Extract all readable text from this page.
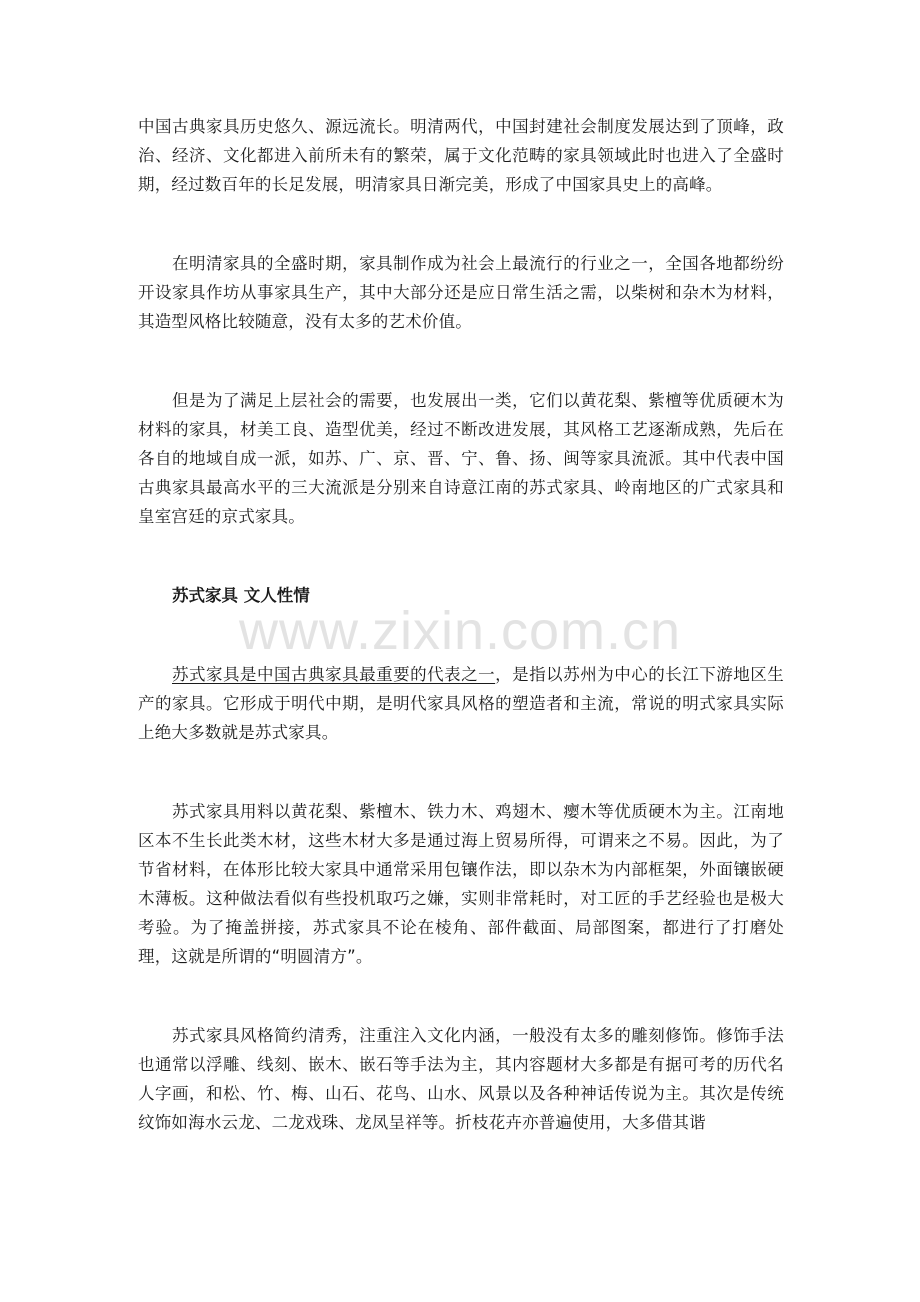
www.zixin.com.cn

中国古典家具历史悠久、源远流长。明清两代，中国封建社会制度发展达到了顶峰，政治、经济、文化都进入前所未有的繁荣，属于文化范畴的家具领域此时也进入了全盛时期，经过数百年的长足发展，明清家具日渐完美，形成了中国家具史上的高峰。

在明清家具的全盛时期，家具制作成为社会上最流行的行业之一，全国各地都纷纷开设家具作坊从事家具生产，其中大部分还是应日常生活之需，以柴树和杂木为材料，其造型风格比较随意，没有太多的艺术价值。

但是为了满足上层社会的需要，也发展出一类，它们以黄花梨、紫檀等优质硬木为材料的家具，材美工良、造型优美，经过不断改进发展，其风格工艺逐渐成熟，先后在各自的地域自成一派，如苏、广、京、晋、宁、鲁、扬、闽等家具流派。其中代表中国古典家具最高水平的三大流派是分别来自诗意江南的苏式家具、岭南地区的广式家具和皇室宫廷的京式家具。

苏式家具 文人性情

苏式家具是中国古典家具最重要的代表之一，是指以苏州为中心的长江下游地区生产的家具。它形成于明代中期，是明代家具风格的塑造者和主流，常说的明式家具实际上绝大多数就是苏式家具。

苏式家具用料以黄花梨、紫檀木、铁力木、鸡翅木、瘿木等优质硬木为主。江南地区本不生长此类木材，这些木材大多是通过海上贸易所得，可谓来之不易。因此，为了节省材料，在体形比较大家具中通常采用包镶作法，即以杂木为内部框架，外面镶嵌硬木薄板。这种做法看似有些投机取巧之嫌，实则非常耗时，对工匠的手艺经验也是极大考验。为了掩盖拼接，苏式家具不论在棱角、部件截面、局部图案，都进行了打磨处理，这就是所谓的“明圆清方”。

苏式家具风格简约清秀，注重注入文化内涵，一般没有太多的雕刻修饰。修饰手法也通常以浮雕、线刻、嵌木、嵌石等手法为主，其内容题材大多都是有据可考的历代名人字画，和松、竹、梅、山石、花鸟、山水、风景以及各种神话传说为主。其次是传统纹饰如海水云龙、二龙戏珠、龙凤呈祥等。折枝花卉亦普遍使用，大多借其谐
